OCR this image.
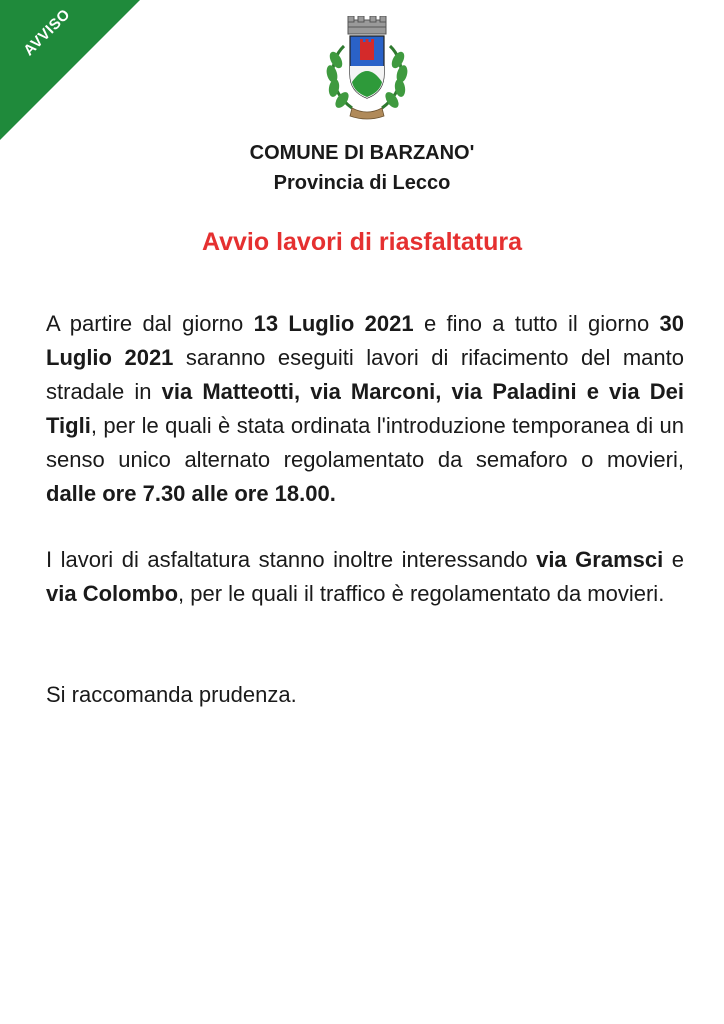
AVVISO

COMUNE DI BARZANO'

Provincia di Lecco

Avvio lavori di riasfaltatura

A partire dal giorno 13 Luglio 2021 e fino a tutto il giorno 30 Luglio 2021 saranno eseguiti lavori di rifacimento del manto stradale in via Matteotti, via Marconi, via Paladini e via Dei Tigli, per le quali è stata ordinata l'introduzione temporanea di un senso unico alternato regolamentato da semaforo o movieri, dalle ore 7.30 alle ore 18.00.

I lavori di asfaltatura stanno inoltre interessando via Gramsci e via Colombo, per le quali il traffico è regolamentato da movieri.

Si raccomanda prudenza.
